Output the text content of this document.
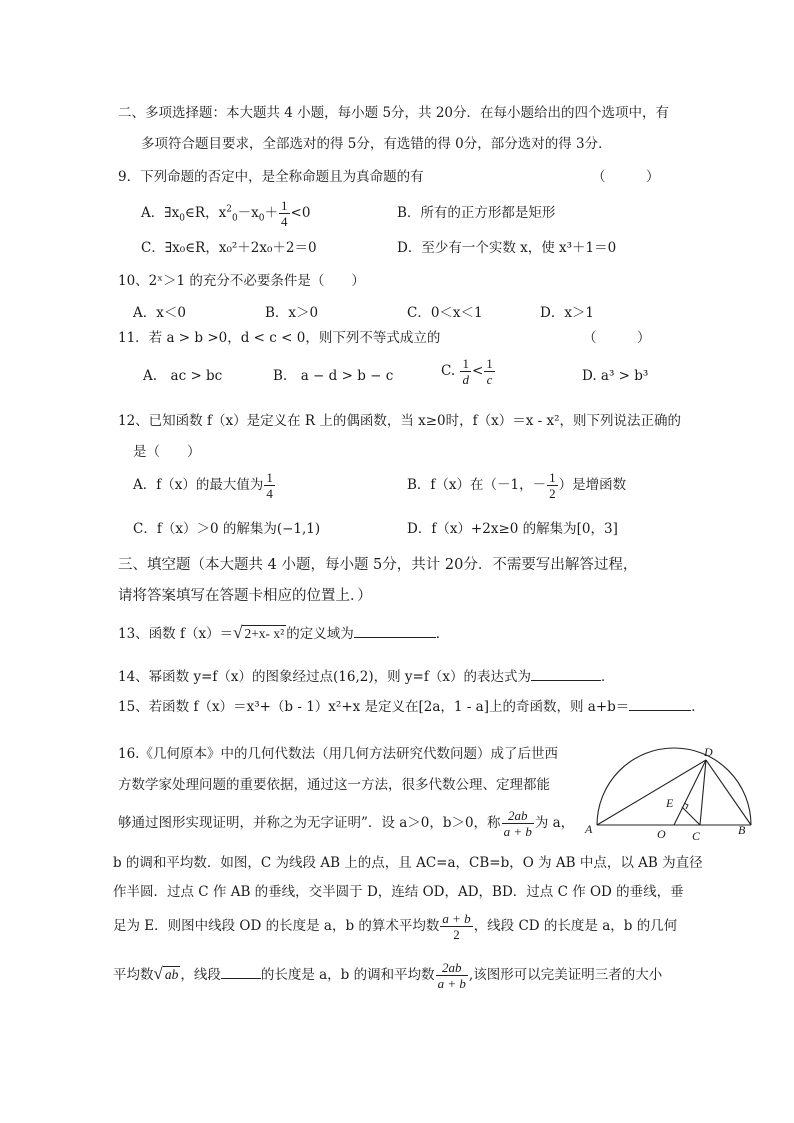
二、多项选择题：本大题共 4 小题，每小题 5分，共 20分．在每小题给出的四个选项中，有
多项符合题目要求，全部选对的得 5分，有选错的得 0分，部分选对的得 3分．
9．下列命题的否定中，是全称命题且为真命题的有	（　　　）
A．$\exists x_0\in R$，$x^2_0-x_0+ \frac{1}{4} <0$	B．所有的正方形都是矩形
C．∃x₀∈R，x₀²＋2x₀＋2＝0	D．至少有一个实数 x，使 x³＋1＝0
10、2ˣ＞1 的充分不必要条件是（　　）
A．x＜0	B．x＞0	C．0＜x＜1	D．x＞1
11．若 a > b >0，d < c < 0，则下列不等式成立的	（　　　）
A.　ac > bc	B.　a − d > b − c	C. $\frac{1}{d} < \frac{1}{c}$	D. a³ > b³
12、已知函数 f（x）是定义在 R 上的偶函数，当 x≥0时，f（x）＝x - x²，则下列说法正确的
是（　　）
A．f（x）的最大值为 $\frac{1}{4}$	B．f（x）在（－1，－ $\frac{1}{2}$ ）是增函数
C．f（x）＞0 的解集为(−1,1)	D．f（x）+2x≥0 的解集为[0，3]
三、填空题（本大题共 4 小题，每小题 5分，共计 20分．不需要写出解答过程，
请将答案填写在答题卡相应的位置上．）
13、函数 f（x）＝√ 2+x- x² 的定义域为	．
14、幂函数 y=f（x）的图象经过点(16,2)，则 y=f（x）的表达式为	．
15、若函数 f（x）＝x³+（b - 1）x²+x 是定义在[2a，1 - a]上的奇函数，则 a+b＝	．
16.《几何原本》中的几何代数法（用几何方法研究代数问题）成了后世西
方数学家处理问题的重要依据，通过这一方法，很多代数公理、定理都能
够通过图形实现证明，并称之为无字证明”．设 a＞0，b＞0，称 $\frac{2ab}{a + b}$ 为 a，
b 的调和平均数．如图，C 为线段 AB 上的点，且 AC=a，CB=b，O 为 AB 中点，以 AB 为直径
作半圆．过点 C 作 AB 的垂线，交半圆于 D，连结 OD，AD，BD．过点 C 作 OD 的垂线，垂
足为 E．则图中线段 OD 的长度是 a，b 的算术平均数 $\frac{a + b}{2}$ ，线段 CD 的长度是 a，b 的几何
平均数√ ab ，线段	的长度是 a，b 的调和平均数 $\frac{2ab}{a + b}$ ,该图形可以完美证明三者的大小
D
E
A	O C	B
